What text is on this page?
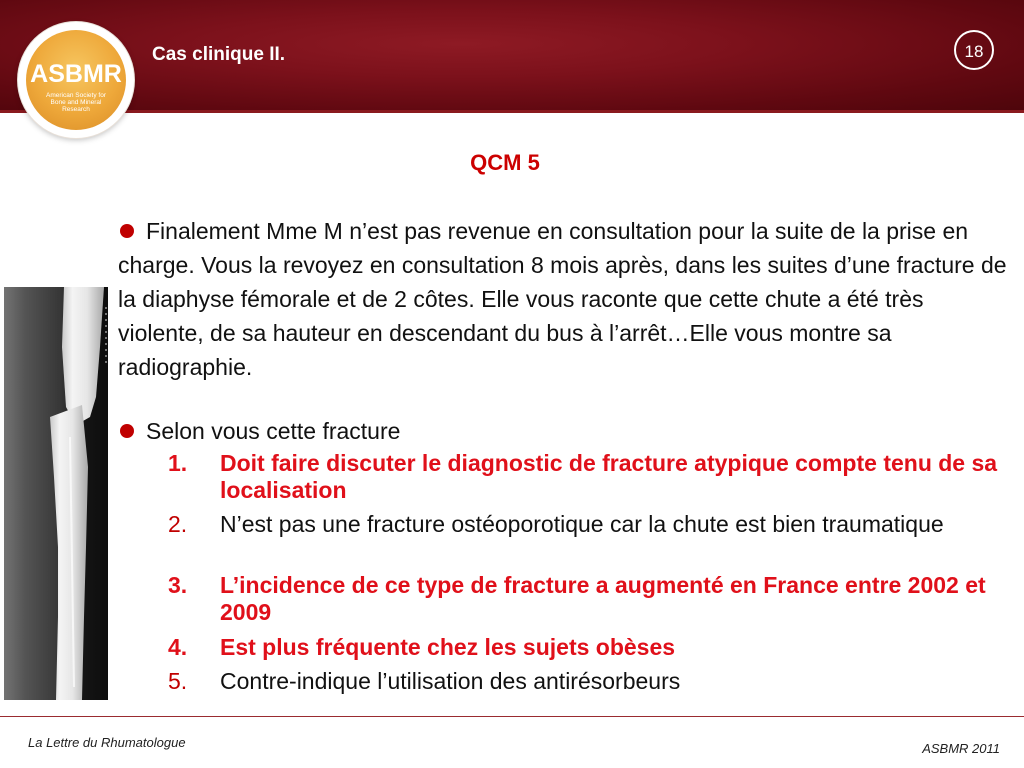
ASBMR
American Society for Bone and Mineral Research
Cas clinique II.	18
QCM 5
Finalement Mme M n’est pas revenue en consultation pour la suite de la prise en charge. Vous la revoyez en consultation 8 mois après, dans les suites d’une fracture de la diaphyse fémorale et de 2 côtes. Elle vous raconte que cette chute a été très violente, de sa hauteur en descendant du bus à l’arrêt…Elle vous montre sa radiographie.
Selon vous cette fracture
1.	Doit faire discuter le diagnostic de fracture atypique compte tenu de sa localisation
2.	N’est pas une fracture ostéoporotique car la chute est bien traumatique
3.	L’incidence de ce type de fracture a augmenté en France entre 2002 et 2009
4.	Est plus fréquente chez les sujets obèses
5.	Contre-indique l’utilisation des antirésorbeurs
La Lettre du Rhumatologue	ASBMR 2011
